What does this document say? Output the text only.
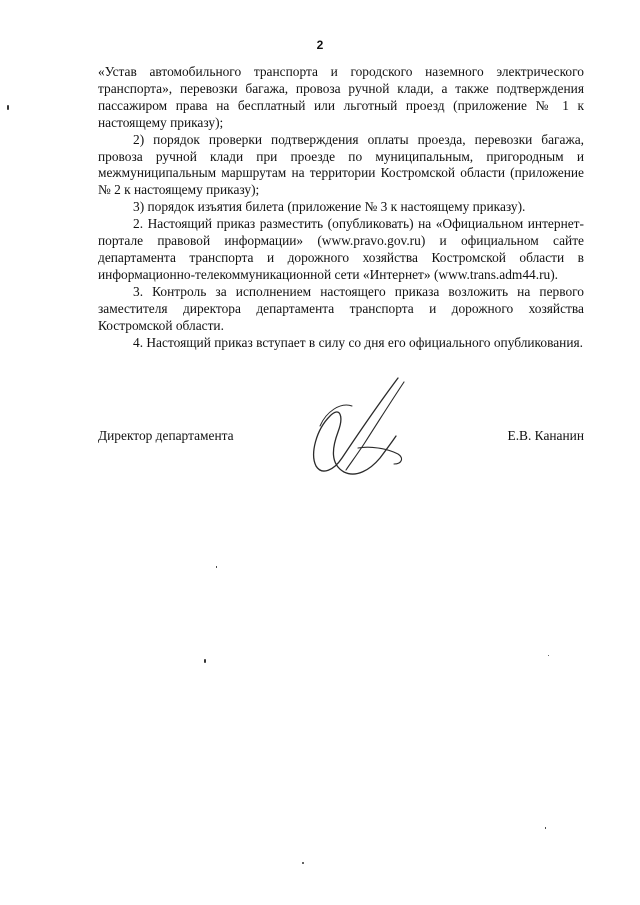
2

«Устав автомобильного транспорта и городского наземного электрического транспорта», перевозки багажа, провоза ручной клади, а также подтверждения пассажиром права на бесплатный или льготный проезд (приложение № 1 к настоящему приказу);

2) порядок проверки подтверждения оплаты проезда, перевозки багажа, провоза ручной клади при проезде по муниципальным, пригородным и межмуниципальным маршрутам на территории Костромской области (приложение № 2 к настоящему приказу);

3) порядок изъятия билета (приложение № 3 к настоящему приказу).

2. Настоящий приказ разместить (опубликовать) на «Официальном интернет-портале правовой информации» (www.pravo.gov.ru) и официальном сайте департамента транспорта и дорожного хозяйства Костромской области в информационно-телекоммуникационной сети «Интернет» (www.trans.adm44.ru).

3. Контроль за исполнением настоящего приказа возложить на первого заместителя директора департамента транспорта и дорожного хозяйства Костромской области.

4. Настоящий приказ вступает в силу со дня его официального опубликования.

Директор департамента	Е.В. Кананин
